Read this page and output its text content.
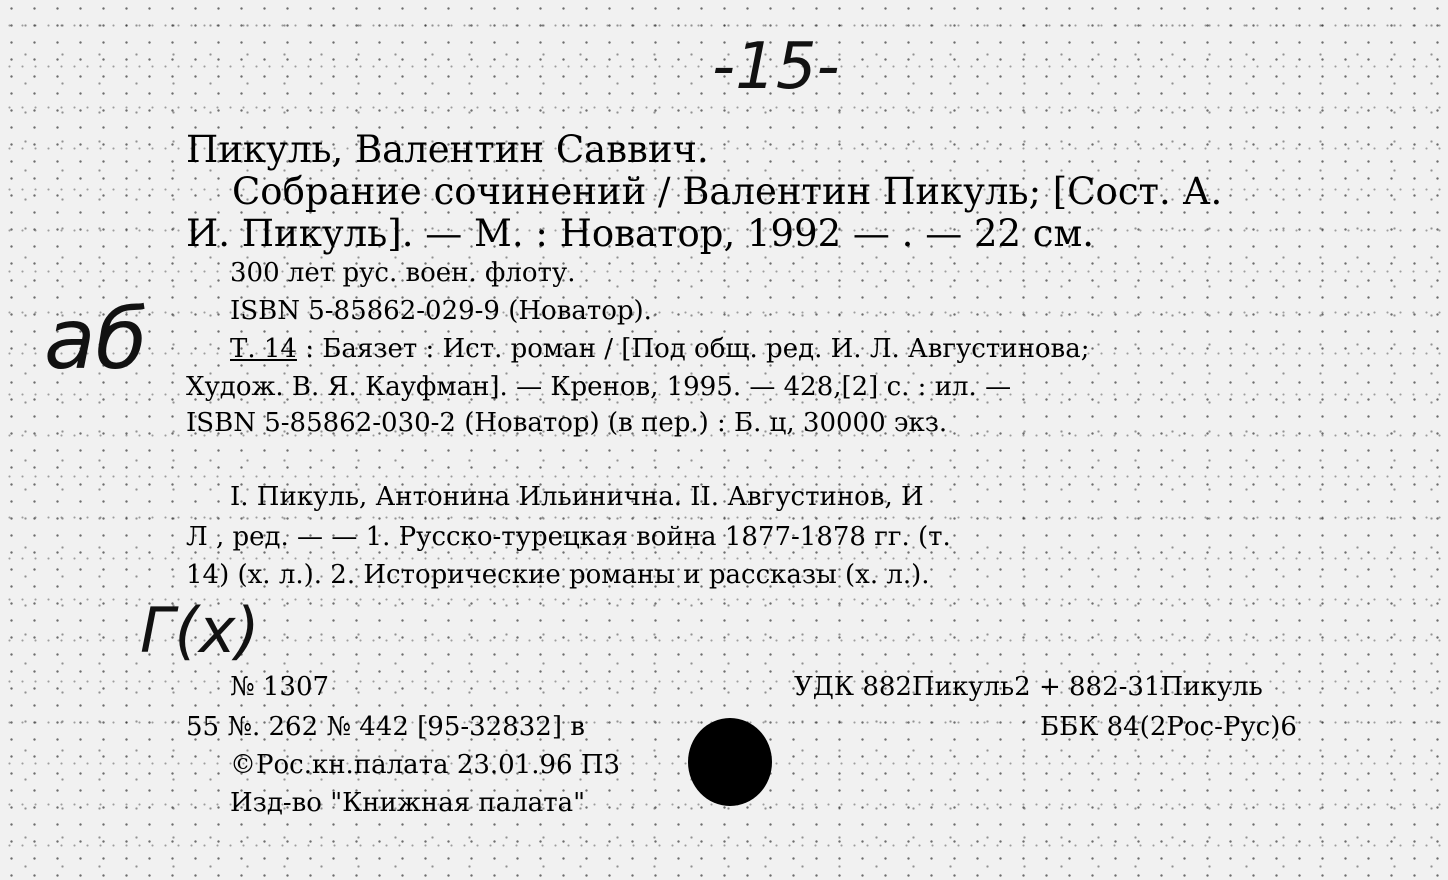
-15-
аб
Г(х)
Пикуль, Валентин Саввич.
Собрание сочинений / Валентин Пикуль; [Сост. А.
И. Пикуль]. — М. : Новатор, 1992 — . — 22 см.
300 лет рус. воен. флоту.
ISBN 5-85862-029-9 (Новатор).
Т. 14 : Баязет : Ист. роман / [Под общ. ред. И. Л. Августинова;
Худож. В. Я. Кауфман]. — Кренов, 1995. — 428,[2] с. : ил. —
ISBN 5-85862-030-2 (Новатор) (в пер.) : Б. ц, 30000 экз.
I. Пикуль, Антонина Ильинична. II. Августинов, И
Л , ред. — — 1. Русско-турецкая война 1877-1878 гг. (т.
14) (х. л.). 2. Исторические романы и рассказы (х. л.).
№ 1307	УДК 882Пикуль2 + 882-31Пикуль
55 №. 262 № 442 [95-32832] в	ББК 84(2Рос-Рус)6
©Рос.кн.палата 23.01.96 П3
Изд-во "Книжная палата"
